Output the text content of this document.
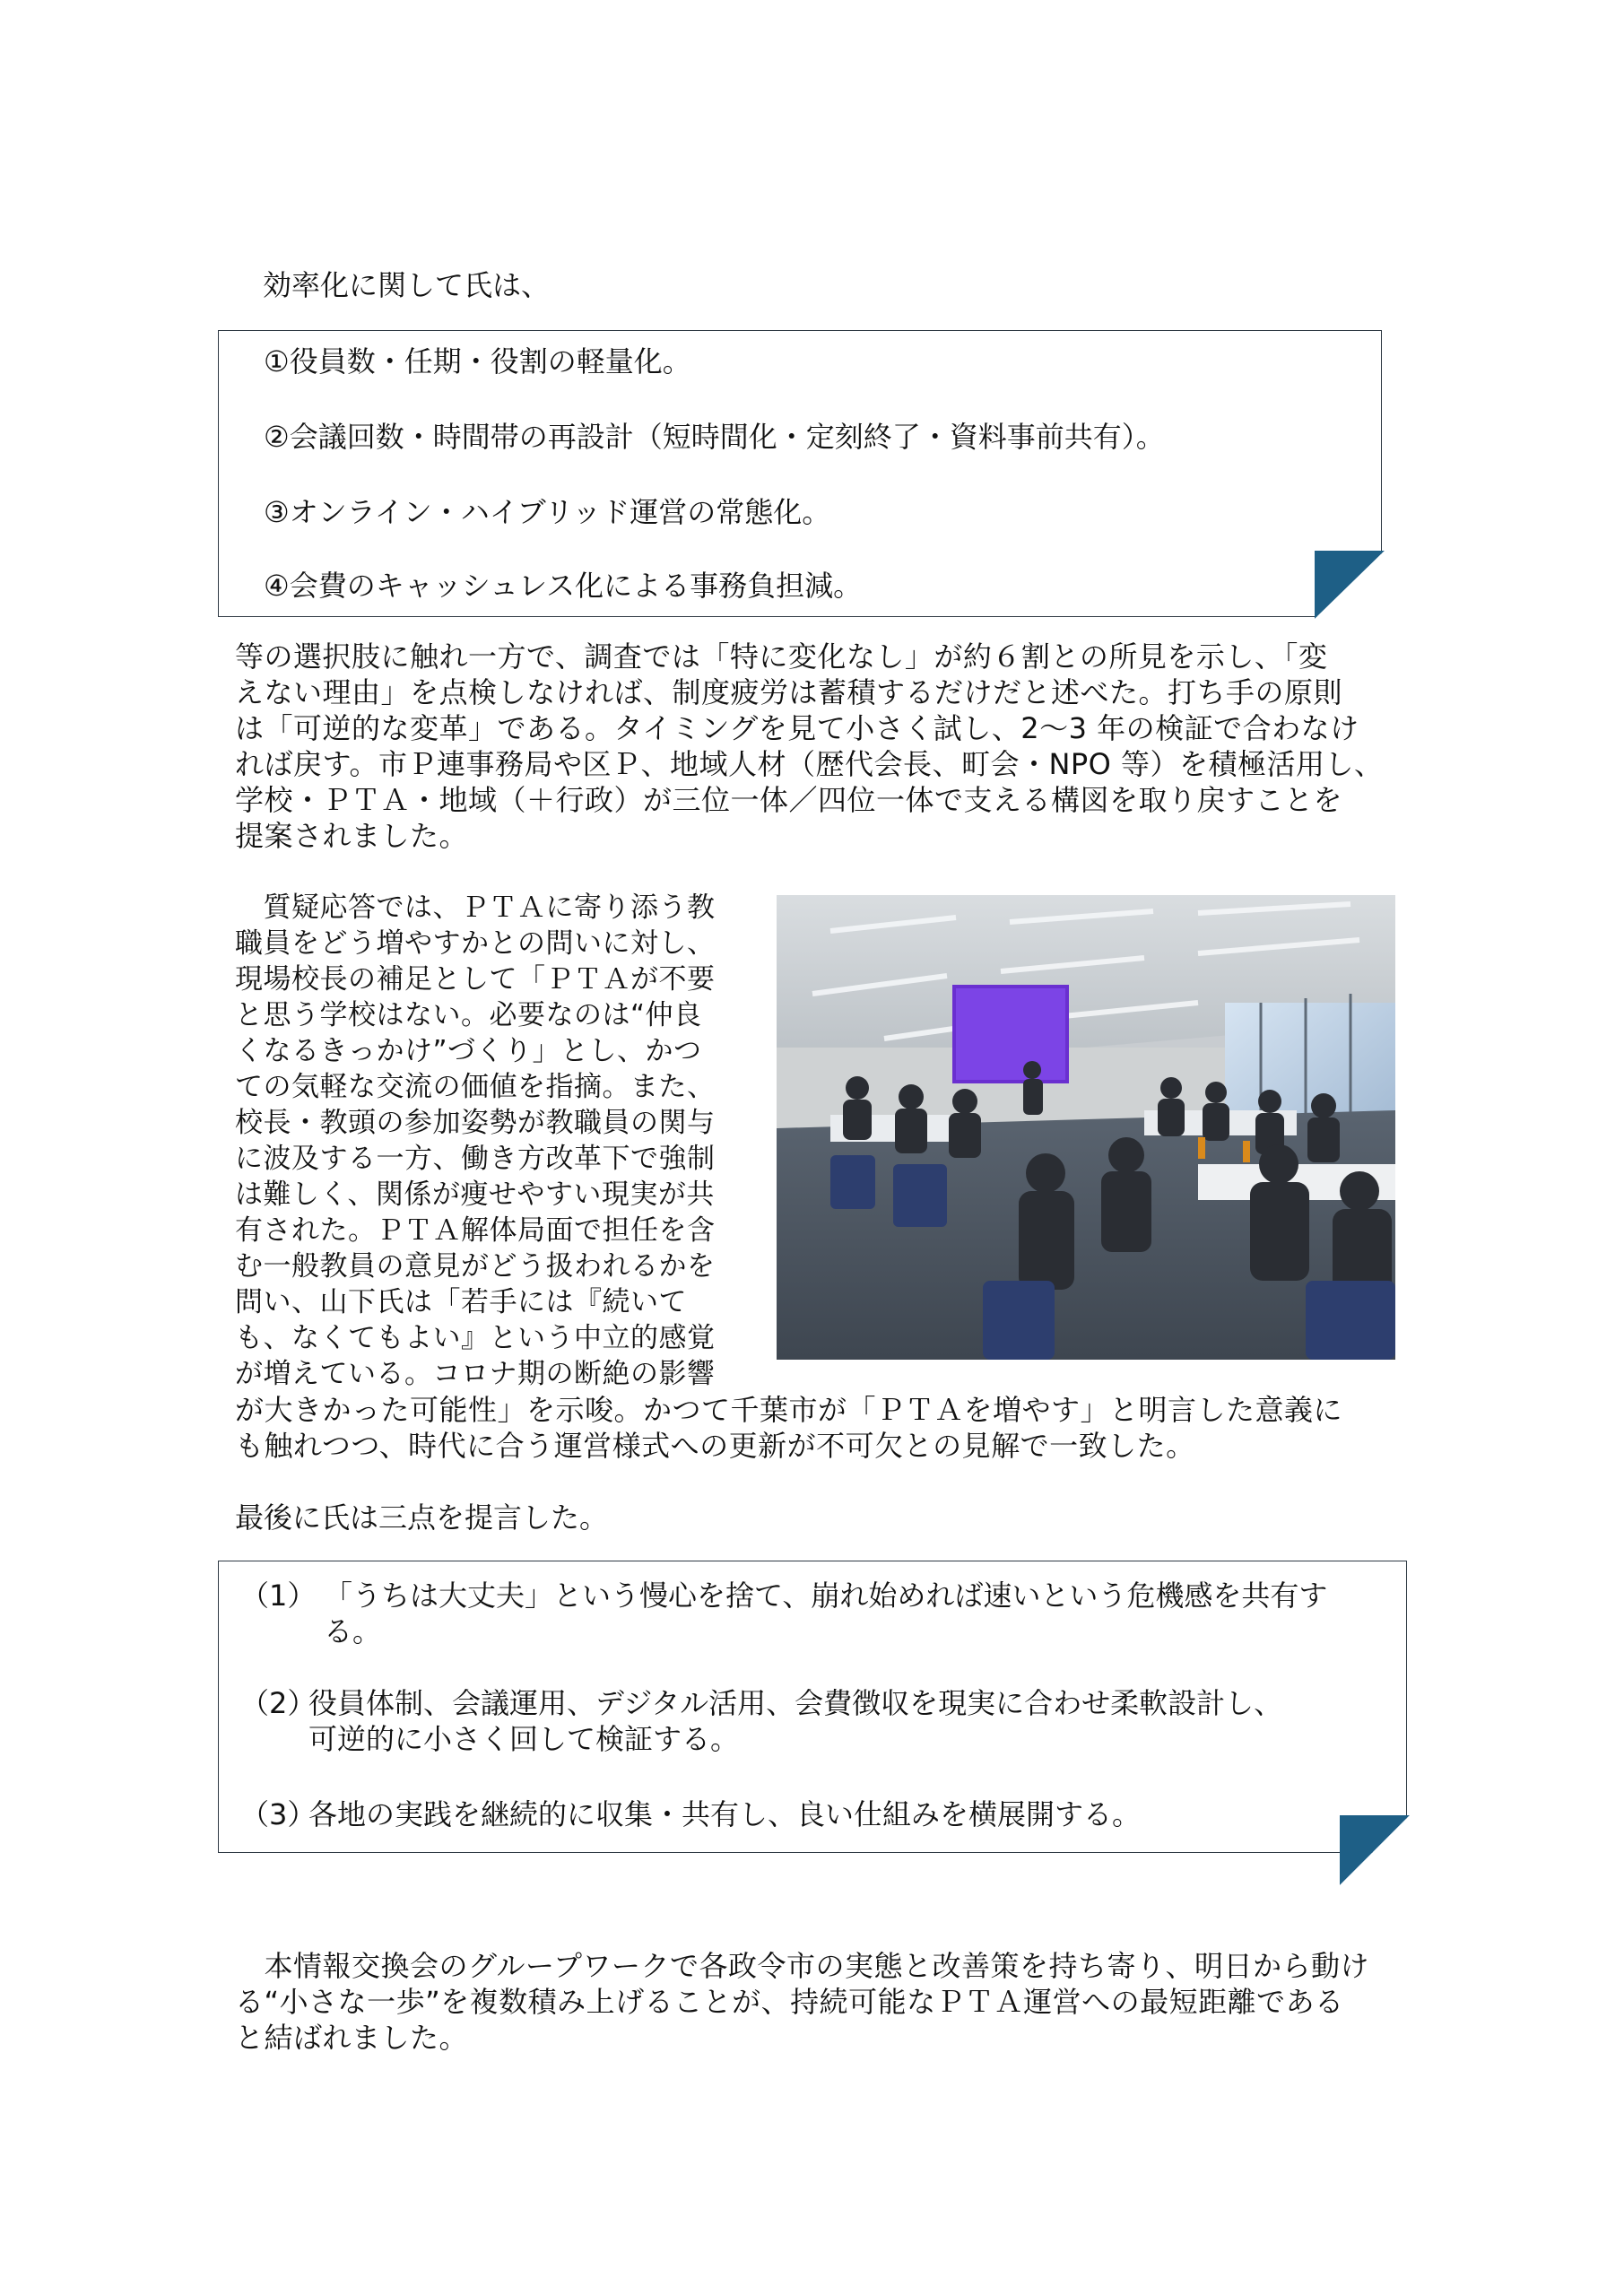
効率化に関して氏は、
①役員数・任期・役割の軽量化。
②会議回数・時間帯の再設計（短時間化・定刻終了・資料事前共有）。
③オンライン・ハイブリッド運営の常態化。
④会費のキャッシュレス化による事務負担減。
等の選択肢に触れ一方で、調査では「特に変化なし」が約６割との所見を示し、「変
えない理由」を点検しなければ、制度疲労は蓄積するだけだと述べた。打ち手の原則
は「可逆的な変革」である。タイミングを見て小さく試し、2～3 年の検証で合わなけ
れば戻す。市Ｐ連事務局や区Ｐ、地域人材（歴代会長、町会・NPO 等）を積極活用し、
学校・ＰＴＡ・地域（＋行政）が三位一体／四位一体で支える構図を取り戻すことを
提案されました。
　質疑応答では、ＰＴＡに寄り添う教
職員をどう増やすかとの問いに対し、
現場校長の補足として「ＰＴＡが不要
と思う学校はない。必要なのは“仲良
くなるきっかけ”づくり」とし、かつ
ての気軽な交流の価値を指摘。また、
校長・教頭の参加姿勢が教職員の関与
に波及する一方、働き方改革下で強制
は難しく、関係が痩せやすい現実が共
有された。ＰＴＡ解体局面で担任を含
む一般教員の意見がどう扱われるかを
問い、山下氏は「若手には『続いて
も、なくてもよい』という中立的感覚
が増えている。コロナ期の断絶の影響
が大きかった可能性」を示唆。かつて千葉市が「ＰＴＡを増やす」と明言した意義に
も触れつつ、時代に合う運営様式への更新が不可欠との見解で一致した。
最後に氏は三点を提言した。
（1） 「うちは大丈夫」という慢心を捨て、崩れ始めれば速いという危機感を共有す
る。
（2）
役員体制、会議運用、デジタル活用、会費徴収を現実に合わせ柔軟設計し、
可逆的に小さく回して検証する。
（3）
各地の実践を継続的に収集・共有し、良い仕組みを横展開する。
　本情報交換会のグループワークで各政令市の実態と改善策を持ち寄り、明日から動け
る“小さな一歩”を複数積み上げることが、持続可能なＰＴＡ運営への最短距離である
と結ばれました。
